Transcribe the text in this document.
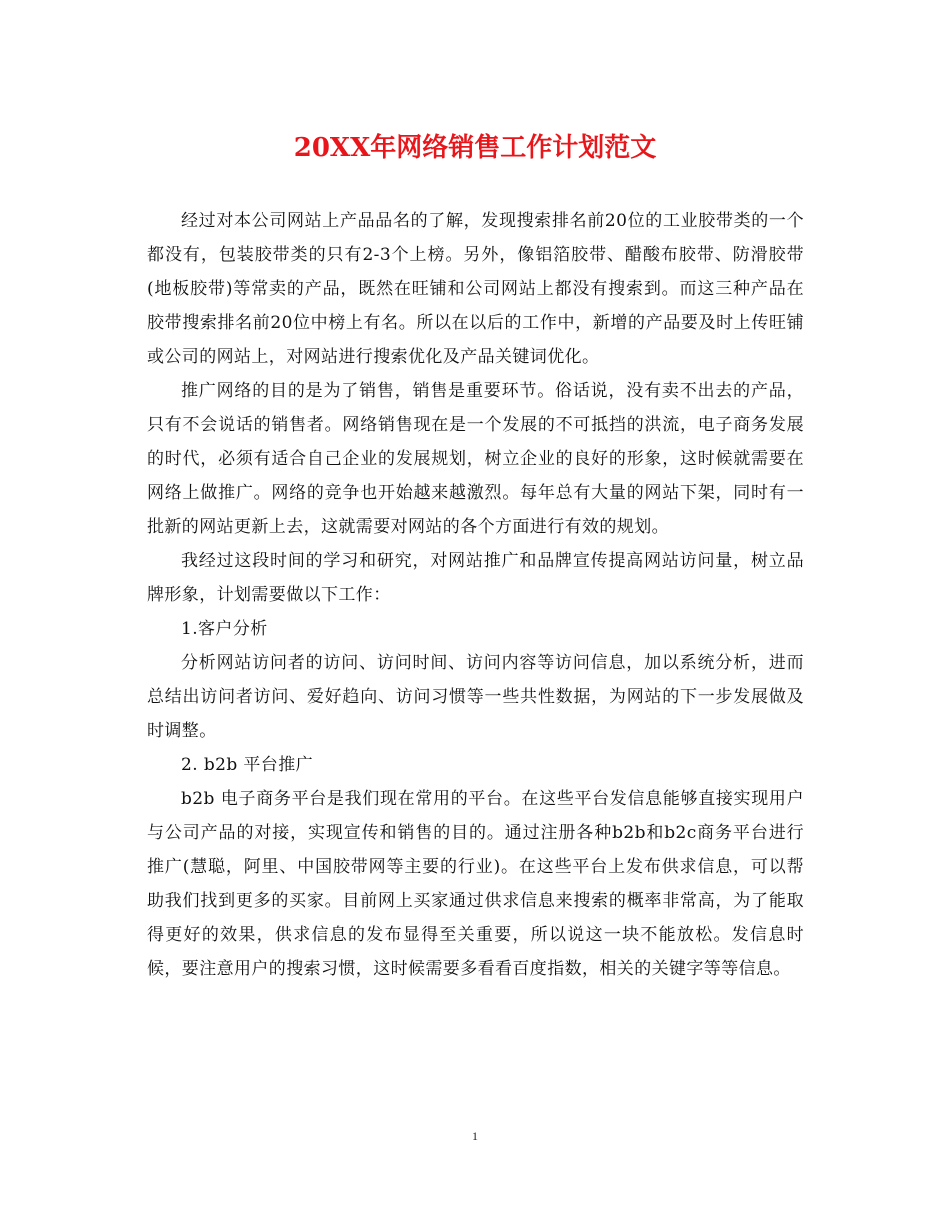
20XX年网络销售工作计划范文

经过对本公司网站上产品品名的了解，发现搜索排名前20位的工业胶带类的一个都没有，包装胶带类的只有2-3个上榜。另外，像铝箔胶带、醋酸布胶带、防滑胶带(地板胶带)等常卖的产品，既然在旺铺和公司网站上都没有搜索到。而这三种产品在胶带搜索排名前20位中榜上有名。所以在以后的工作中，新增的产品要及时上传旺铺或公司的网站上，对网站进行搜索优化及产品关键词优化。

推广网络的目的是为了销售，销售是重要环节。俗话说，没有卖不出去的产品，只有不会说话的销售者。网络销售现在是一个发展的不可抵挡的洪流，电子商务发展的时代，必须有适合自己企业的发展规划，树立企业的良好的形象，这时候就需要在网络上做推广。网络的竞争也开始越来越激烈。每年总有大量的网站下架，同时有一批新的网站更新上去，这就需要对网站的各个方面进行有效的规划。

我经过这段时间的学习和研究，对网站推广和品牌宣传提高网站访问量，树立品牌形象，计划需要做以下工作：

1.客户分析

分析网站访问者的访问、访问时间、访问内容等访问信息，加以系统分析，进而总结出访问者访问、爱好趋向、访问习惯等一些共性数据，为网站的下一步发展做及时调整。

2. b2b 平台推广

b2b 电子商务平台是我们现在常用的平台。在这些平台发信息能够直接实现用户与公司产品的对接，实现宣传和销售的目的。通过注册各种b2b和b2c商务平台进行推广(慧聪，阿里、中国胶带网等主要的行业)。在这些平台上发布供求信息，可以帮助我们找到更多的买家。目前网上买家通过供求信息来搜索的概率非常高，为了能取得更好的效果，供求信息的发布显得至关重要，所以说这一块不能放松。发信息时候，要注意用户的搜索习惯，这时候需要多看看百度指数，相关的关键字等等信息。

1
